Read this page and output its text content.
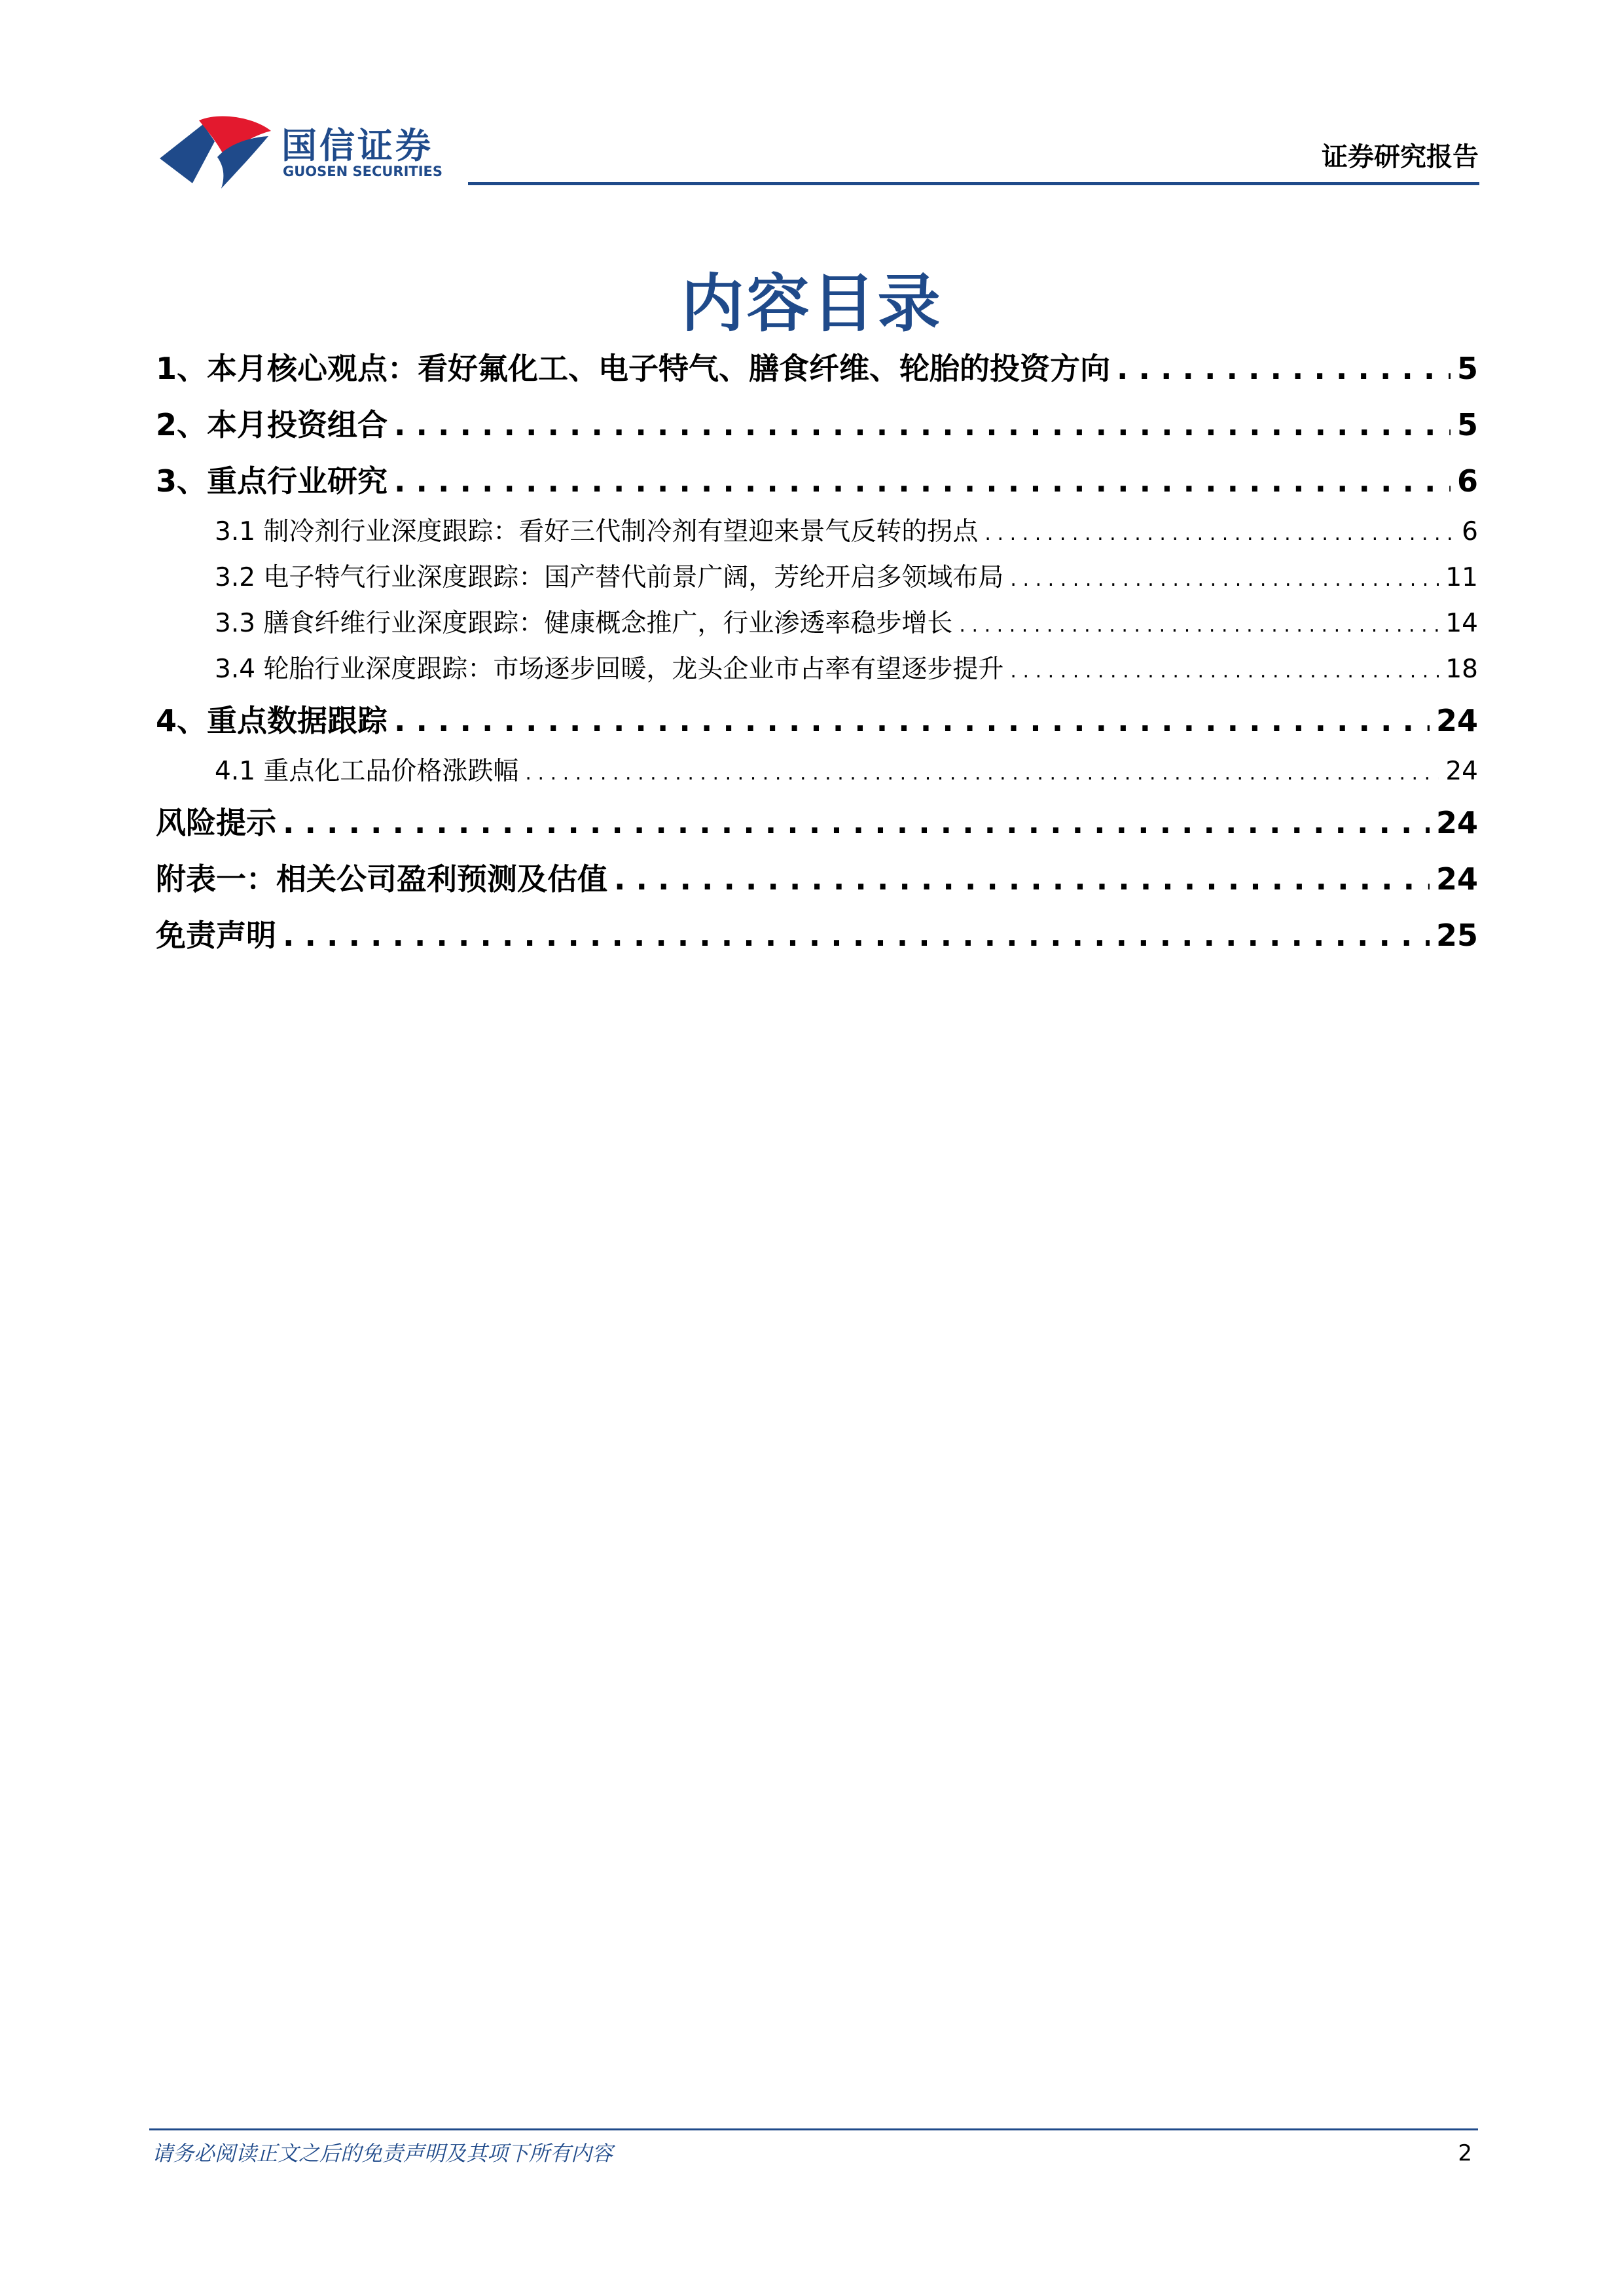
国信证券
GUOSEN SECURITIES	证券研究报告
内容目录
1、本月核心观点：看好氟化工、电子特气、膳食纤维、轮胎的投资方向 . . .	5
2、本月投资组合 . . .	5
3、重点行业研究 . . .	6
3.1 制冷剂行业深度跟踪：看好三代制冷剂有望迎来景气反转的拐点 . . .	6
3.2 电子特气行业深度跟踪：国产替代前景广阔，芳纶开启多领域布局 . . .	11
3.3 膳食纤维行业深度跟踪：健康概念推广，行业渗透率稳步增长 . . .	14
3.4 轮胎行业深度跟踪：市场逐步回暖，龙头企业市占率有望逐步提升 . . .	18
4、重点数据跟踪 . . .	24
4.1 重点化工品价格涨跌幅 . . .	24
风险提示 . . .	24
附表一：相关公司盈利预测及估值 . . .	24
免责声明 . . .	25
请务必阅读正文之后的免责声明及其项下所有内容	2
